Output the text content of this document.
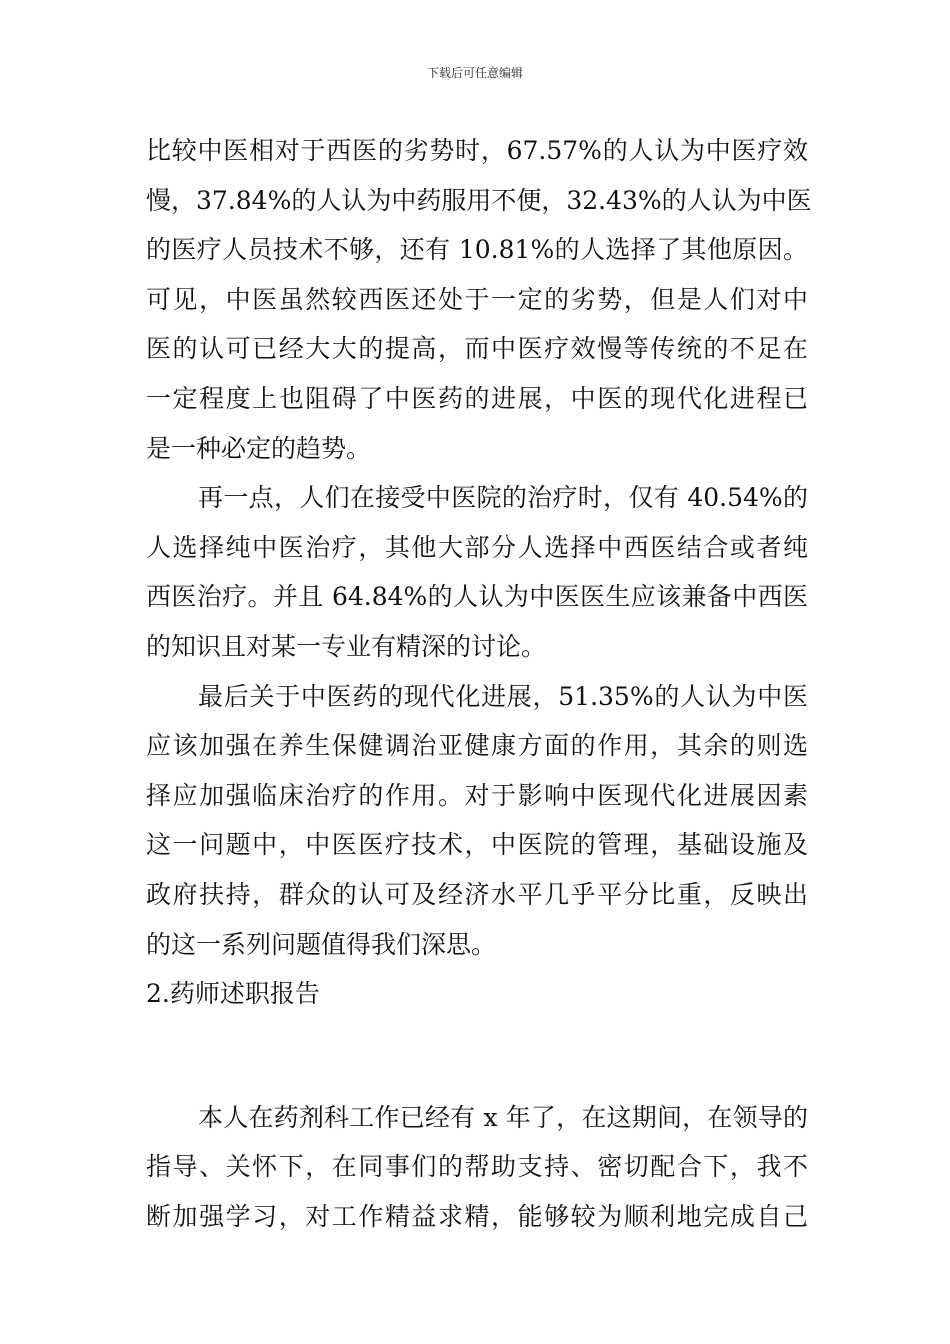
下载后可任意编辑
比较中医相对于西医的劣势时，67.57%的人认为中医疗效
慢，37.84%的人认为中药服用不便，32.43%的人认为中医
的医疗人员技术不够，还有 10.81%的人选择了其他原因。
可见，中医虽然较西医还处于一定的劣势，但是人们对中
医的认可已经大大的提高，而中医疗效慢等传统的不足在
一定程度上也阻碍了中医药的进展，中医的现代化进程已
是一种必定的趋势。
再一点，人们在接受中医院的治疗时，仅有 40.54%的
人选择纯中医治疗，其他大部分人选择中西医结合或者纯
西医治疗。并且 64.84%的人认为中医医生应该兼备中西医
的知识且对某一专业有精深的讨论。
最后关于中医药的现代化进展，51.35%的人认为中医
应该加强在养生保健调治亚健康方面的作用，其余的则选
择应加强临床治疗的作用。对于影响中医现代化进展因素
这一问题中，中医医疗技术，中医院的管理，基础设施及
政府扶持，群众的认可及经济水平几乎平分比重，反映出
的这一系列问题值得我们深思。
2.药师述职报告
本人在药剂科工作已经有 x 年了，在这期间，在领导的
指导、关怀下，在同事们的帮助支持、密切配合下，我不
断加强学习，对工作精益求精，能够较为顺利地完成自己
